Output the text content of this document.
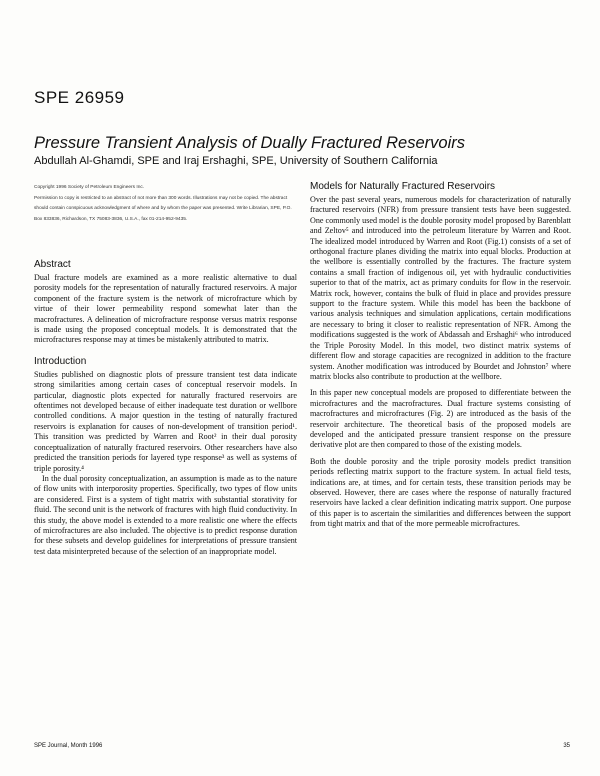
SPE 26959
Pressure Transient Analysis of Dually Fractured Reservoirs
Abdullah Al-Ghamdi, SPE and Iraj Ershaghi, SPE, University of Southern California
Copyright 1996 Society of Petroleum Engineers Inc.
Permission to copy is restricted to an abstract of not more than 300 words. Illustrations may not be copied. The abstract should contain conspicuous acknowledgment of where and by whom the paper was presented. Write Librarian, SPE, P.O. Box 833836, Richardson, TX 75083-3836, U.S.A., fax 01-214-952-9435.
Abstract

Dual fracture models are examined as a more realistic alternative to dual porosity models for the representation of naturally fractured reservoirs. A major component of the fracture system is the network of microfracture which by virtue of their lower permeability respond somewhat later than the macrofractures. A delineation of microfracture response versus matrix response is made using the proposed conceptual models. It is demonstrated that the microfractures response may at times be mistakenly attributed to matrix.

Introduction

Studies published on diagnostic plots of pressure transient test data indicate strong similarities among certain cases of conceptual reservoir models. In particular, diagnostic plots expected for naturally fractured reservoirs are oftentimes not developed because of either inadequate test duration or wellbore controlled conditions. A major question in the testing of naturally fractured reservoirs is explanation for causes of non-development of transition period¹. This transition was predicted by Warren and Root² in their dual porosity conceptualization of naturally fractured reservoirs. Other researchers have also predicted the transition periods for layered type response³ as well as systems of triple porosity.⁴

In the dual porosity conceptualization, an assumption is made as to the nature of flow units with interporosity properties. Specifically, two types of flow units are considered. First is a system of tight matrix with substantial storativity for fluid. The second unit is the network of fractures with high fluid conductivity. In this study, the above model is extended to a more realistic one where the effects of microfractures are also included. The objective is to predict response duration for these subsets and develop guidelines for interpretations of pressure transient test data misinterpreted because of the selection of an inappropriate model.

Models for Naturally Fractured Reservoirs

Over the past several years, numerous models for characterization of naturally fractured reservoirs (NFR) from pressure transient tests have been suggested. One commonly used model is the double porosity model proposed by Barenblatt and Zeltov⁵ and introduced into the petroleum literature by Warren and Root. The idealized model introduced by Warren and Root (Fig.1) consists of a set of orthogonal fracture planes dividing the matrix into equal blocks. Production at the wellbore is essentially controlled by the fractures. The fracture system contains a small fraction of indigenous oil, yet with hydraulic conductivities superior to that of the matrix, act as primary conduits for flow in the reservoir. Matrix rock, however, contains the bulk of fluid in place and provides pressure support to the fracture system. While this model has been the backbone of various analysis techniques and simulation applications, certain modifications are necessary to bring it closer to realistic representation of NFR. Among the modifications suggested is the work of Abdassah and Ershaghi⁶ who introduced the Triple Porosity Model. In this model, two distinct matrix systems of different flow and storage capacities are recognized in addition to the fracture system. Another modification was introduced by Bourdet and Johnston⁷ where matrix blocks also contribute to production at the wellbore.

In this paper new conceptual models are proposed to differentiate between the microfractures and the macrofractures. Dual fracture systems consisting of macrofractures and microfractures (Fig. 2) are introduced as the basis of the reservoir architecture. The theoretical basis of the proposed models are developed and the anticipated pressure transient response on the pressure derivative plot are then compared to those of the existing models.

Both the double porosity and the triple porosity models predict transition periods reflecting matrix support to the fracture system. In actual field tests, indications are, at times, and for certain tests, these transition periods may be observed. However, there are cases where the response of naturally fractured reservoirs have lacked a clear definition indicating matrix support. One purpose of this paper is to ascertain the similarities and differences between the support from tight matrix and that of the more permeable microfractures.

SPE Journal, Month 1996	35
